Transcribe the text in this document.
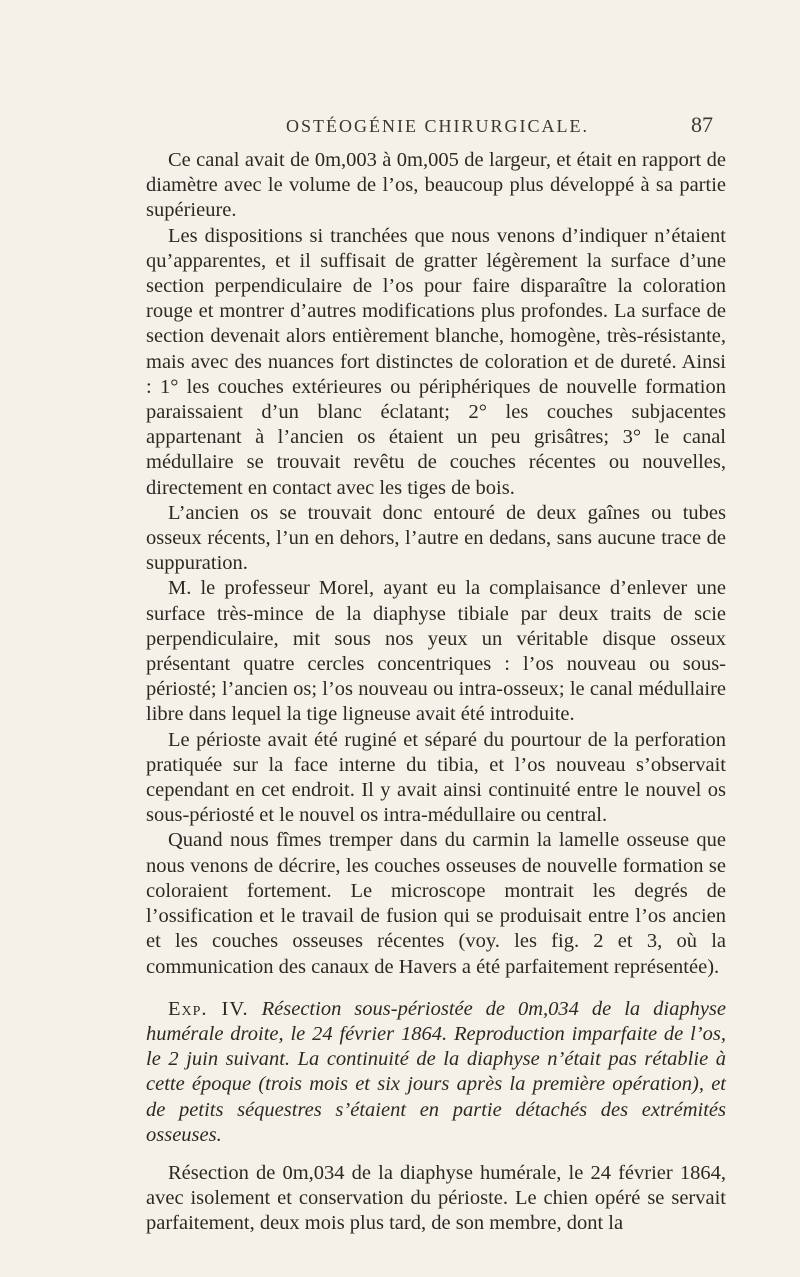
OSTÉOGÉNIE CHIRURGICALE.	87

Ce canal avait de 0m,003 à 0m,005 de largeur, et était en rapport de diamètre avec le volume de l’os, beaucoup plus développé à sa partie supérieure.

Les dispositions si tranchées que nous venons d’indiquer n’étaient qu’apparentes, et il suffisait de gratter légèrement la surface d’une section perpendiculaire de l’os pour faire disparaître la coloration rouge et montrer d’autres modifications plus profondes. La surface de section devenait alors entièrement blanche, homogène, très-résistante, mais avec des nuances fort distinctes de coloration et de dureté. Ainsi : 1° les couches extérieures ou périphériques de nouvelle formation paraissaient d’un blanc éclatant; 2° les couches subjacentes appartenant à l’ancien os étaient un peu grisâtres; 3° le canal médullaire se trouvait revêtu de couches récentes ou nouvelles, directement en contact avec les tiges de bois.

L’ancien os se trouvait donc entouré de deux gaînes ou tubes osseux récents, l’un en dehors, l’autre en dedans, sans aucune trace de suppuration.

M. le professeur Morel, ayant eu la complaisance d’enlever une surface très-mince de la diaphyse tibiale par deux traits de scie perpendiculaire, mit sous nos yeux un véritable disque osseux présentant quatre cercles concentriques : l’os nouveau ou sous-périosté; l’ancien os; l’os nouveau ou intra-osseux; le canal médullaire libre dans lequel la tige ligneuse avait été introduite.

Le périoste avait été ruginé et séparé du pourtour de la perforation pratiquée sur la face interne du tibia, et l’os nouveau s’observait cependant en cet endroit. Il y avait ainsi continuité entre le nouvel os sous-périosté et le nouvel os intra-médullaire ou central.

Quand nous fîmes tremper dans du carmin la lamelle osseuse que nous venons de décrire, les couches osseuses de nouvelle formation se coloraient fortement. Le microscope montrait les degrés de l’ossification et le travail de fusion qui se produisait entre l’os ancien et les couches osseuses récentes (voy. les fig. 2 et 3, où la communication des canaux de Havers a été parfaitement représentée).

Exp. IV. Résection sous-périostée de 0m,034 de la diaphyse humérale droite, le 24 février 1864. Reproduction imparfaite de l’os, le 2 juin suivant. La continuité de la diaphyse n’était pas rétablie à cette époque (trois mois et six jours après la première opération), et de petits séquestres s’étaient en partie détachés des extrémités osseuses.

Résection de 0m,034 de la diaphyse humérale, le 24 février 1864, avec isolement et conservation du périoste. Le chien opéré se servait parfaitement, deux mois plus tard, de son membre, dont la
